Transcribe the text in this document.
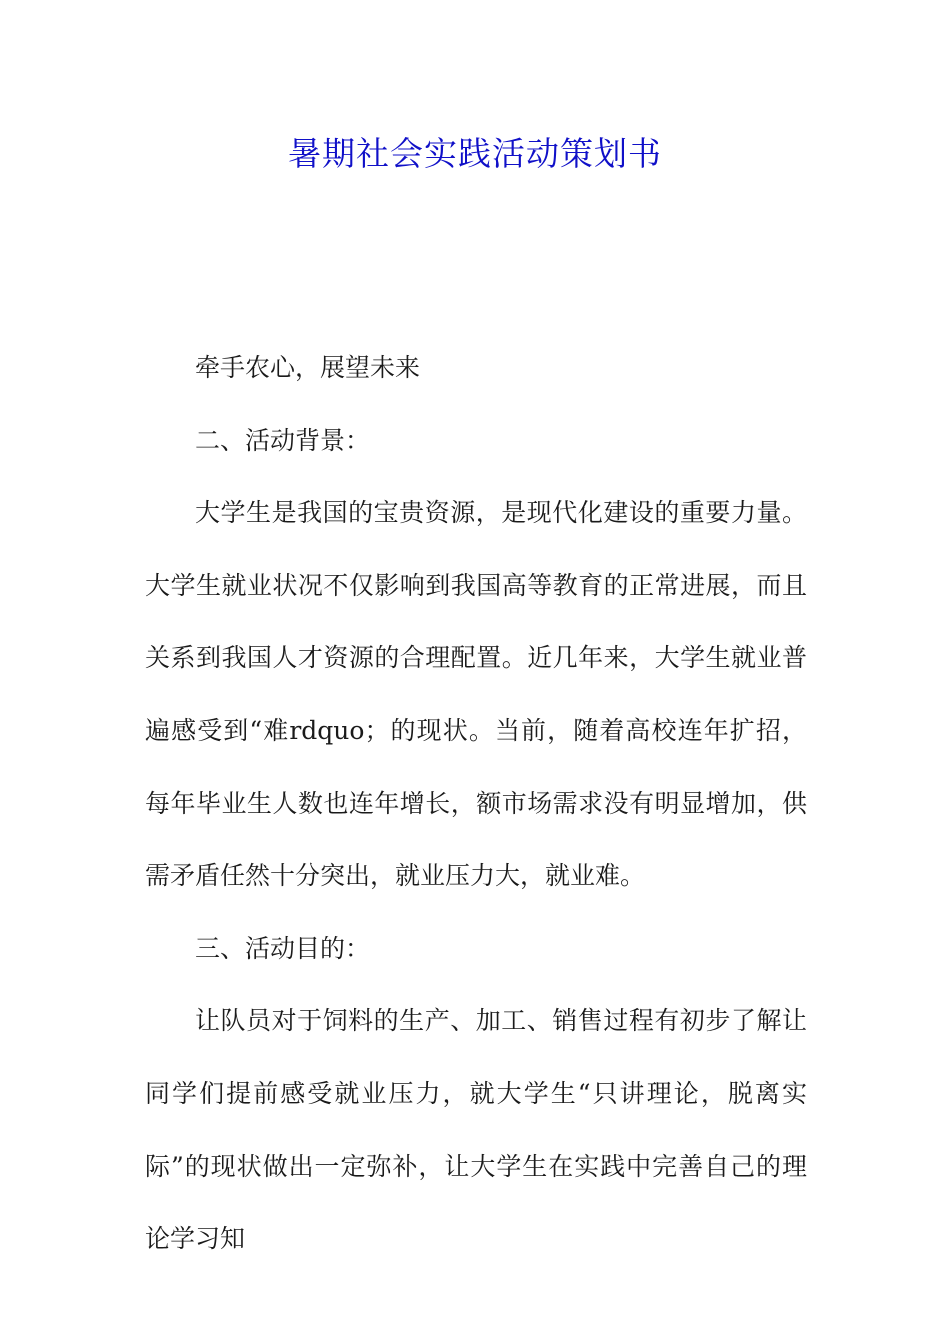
暑期社会实践活动策划书

牵手农心，展望未来

二、活动背景：

大学生是我国的宝贵资源，是现代化建设的重要力量。大学生就业状况不仅影响到我国高等教育的正常进展，而且关系到我国人才资源的合理配置。近几年来，大学生就业普遍感受到“难rdquo；的现状。当前，随着高校连年扩招，每年毕业生人数也连年增长，额市场需求没有明显增加，供需矛盾任然十分突出，就业压力大，就业难。

三、活动目的：

让队员对于饲料的生产、加工、销售过程有初步了解让同学们提前感受就业压力，就大学生“只讲理论，脱离实际”的现状做出一定弥补，让大学生在实践中完善自己的理论学习知
